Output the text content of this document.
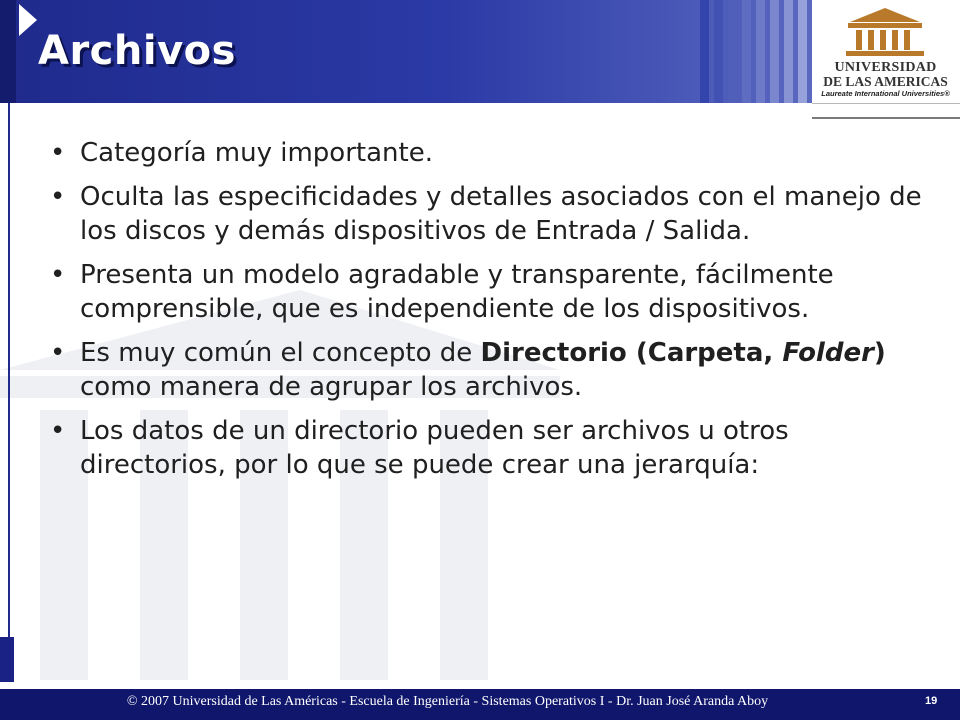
Archivos	UNIVERSIDAD
DE LAS AMERICAS
Laureate International Universities®

• Categoría muy importante.

• Oculta las especificidades y detalles asociados con el manejo de los discos y demás dispositivos de Entrada / Salida.

• Presenta un modelo agradable y transparente, fácilmente comprensible, que es independiente de los dispositivos.

• Es muy común el concepto de Directorio (Carpeta, Folder) como manera de agrupar los archivos.

• Los datos de un directorio pueden ser archivos u otros directorios, por lo que se puede crear una jerarquía:

© 2007 Universidad de Las Américas - Escuela de Ingeniería - Sistemas Operativos I - Dr. Juan José Aranda Aboy	19
